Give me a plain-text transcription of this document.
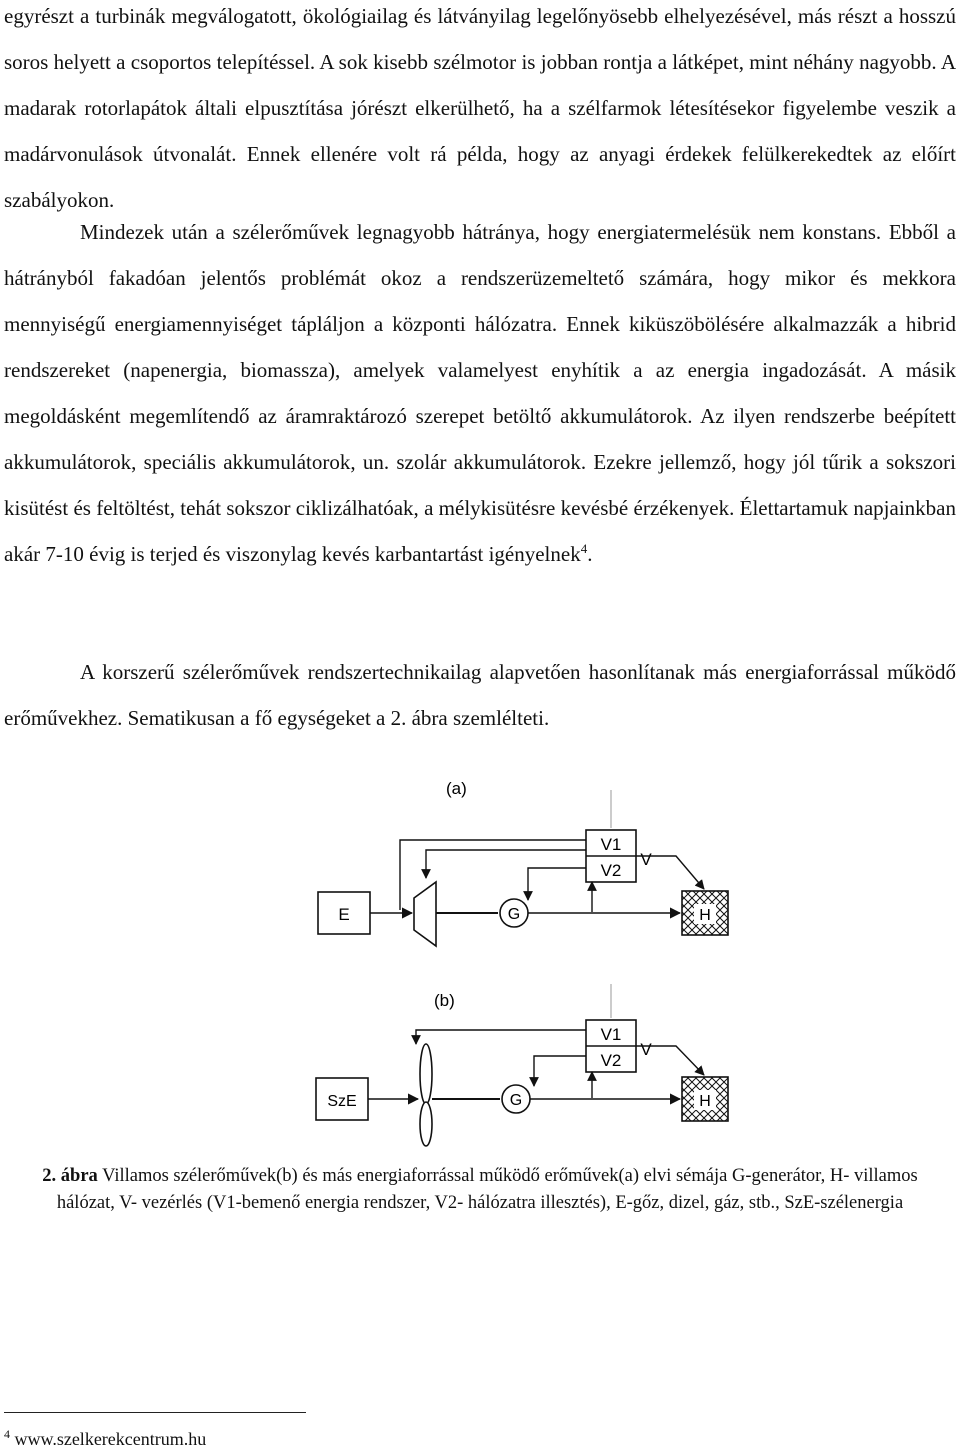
egyrészt a turbinák megválogatott, ökológiailag és látványilag legelőnyösebb elhelyezésével, más részt a hosszú soros helyett a csoportos telepítéssel. A sok kisebb szélmotor is jobban rontja a látképet, mint néhány nagyobb. A madarak rotorlapátok általi elpusztítása jórészt elkerülhető, ha a szélfarmok létesítésekor figyelembe veszik a madárvonulások útvonalát. Ennek ellenére volt rá példa, hogy az anyagi érdekek felülkerekedtek az előírt szabályokon.

Mindezek után a szélerőművek legnagyobb hátránya, hogy energiatermelésük nem konstans. Ebből a hátrányból fakadóan jelentős problémát okoz a rendszerüzemeltető számára, hogy mikor és mekkora mennyiségű energiamennyiséget tápláljon a központi hálózatra. Ennek kiküszöbölésére alkalmazzák a hibrid rendszereket (napenergia, biomassza), amelyek valamelyest enyhítik a az energia ingadozását. A másik megoldásként megemlítendő az áramraktározó szerepet betöltő akkumulátorok. Az ilyen rendszerbe beépített akkumulátorok, speciális akkumulátorok, un. szolár akkumulátorok. Ezekre jellemző, hogy jól tűrik a sokszori kisütést és feltöltést, tehát sokszor ciklizálhatóak, a mélykisütésre kevésbé érzékenyek. Élettartamuk napjainkban akár 7-10 évig is terjed és viszonylag kevés karbantartást igényelnek$^4$.

A korszerű szélerőművek rendszertechnikailag alapvetően hasonlítanak más energiaforrással működő erőművekhez. Sematikusan a fő egységeket a 2. ábra szemlélteti.

(a)
V1
V2
V
E	G	H
(b)
V1
V2
V
SzE	G	H

2. ábra Villamos szélerőművek(b) és más energiaforrással működő erőművek(a) elvi sémája G-generátor, H- villamos hálózat, V- vezérlés (V1-bemenő energia rendszer, V2- hálózatra illesztés), E-gőz, dizel, gáz, stb., SzE-szélenergia

$^4$ www.szelkerekcentrum.hu
